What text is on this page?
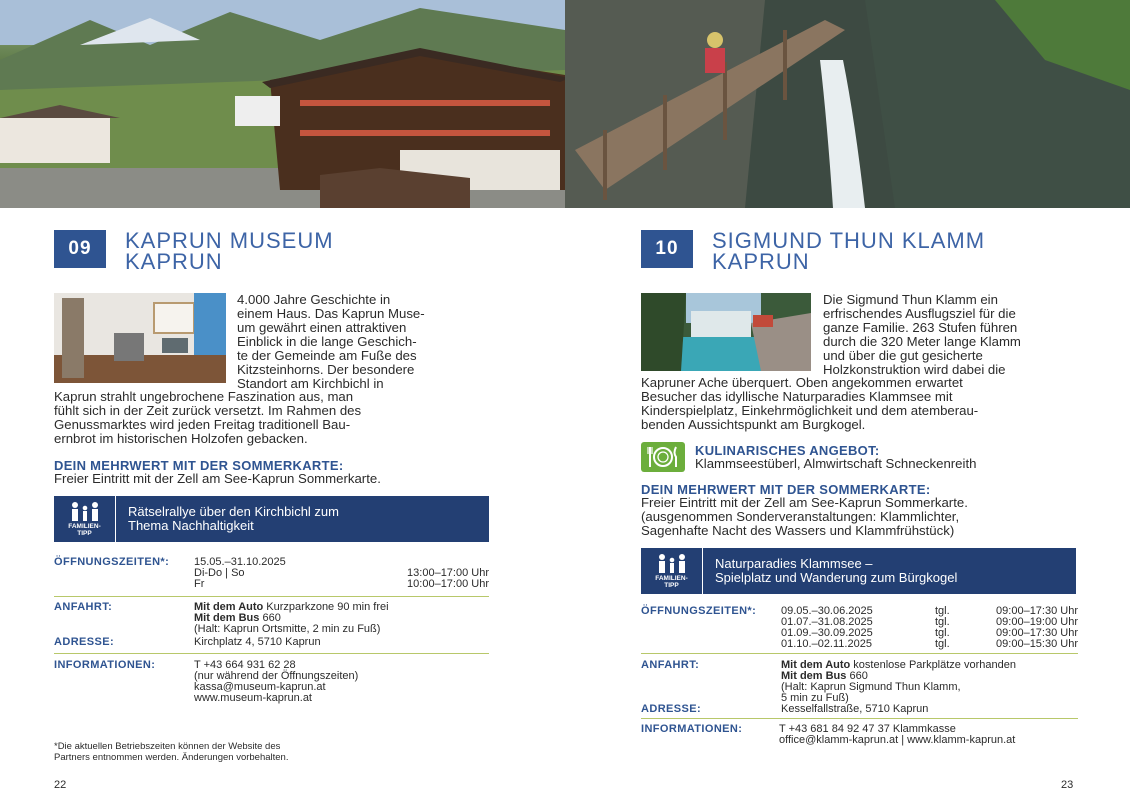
09	KAPRUN MUSEUM
KAPRUN
4.000 Jahre Geschichte in
einem Haus. Das Kaprun Muse-
um gewährt einen attraktiven
Einblick in die lange Geschich-
te der Gemeinde am Fuße des
Kitzsteinhorns. Der besondere
Standort am Kirchbichl in
Kaprun strahlt ungebrochene Faszination aus, man
fühlt sich in der Zeit zurück versetzt. Im Rahmen des
Genussmarktes wird jeden Freitag traditionell Bau-
ernbrot im historischen Holzofen gebacken.
DEIN MEHRWERT MIT DER SOMMERKARTE:
Freier Eintritt mit der Zell am See-Kaprun Sommerkarte.
FAMILIEN-
TIPP
Rätselrallye über den Kirchbichl zum
Thema Nachhaltigkeit
ÖFFNUNGSZEITEN*: 15.05.–31.10.2025
Di-Do | So	13:00–17:00 Uhr
Fr	10:00–17:00 Uhr
ANFAHRT:	Mit dem Auto Kurzparkzone 90 min frei
Mit dem Bus 660
(Halt: Kaprun Ortsmitte, 2 min zu Fuß)
ADRESSE:	Kirchplatz 4, 5710 Kaprun
INFORMATIONEN:	T +43 664 931 62 28
(nur während der Öffnungszeiten)
kassa@museum-kaprun.at
www.museum-kaprun.at
*Die aktuellen Betriebszeiten können der Website des
Partners entnommen werden. Änderungen vorbehalten.
22
10	SIGMUND THUN KLAMM
KAPRUN
Die Sigmund Thun Klamm ein
erfrischendes Ausflugsziel für die
ganze Familie. 263 Stufen führen
durch die 320 Meter lange Klamm
und über die gut gesicherte
Holzkonstruktion wird dabei die
Kapruner Ache überquert. Oben angekommen erwartet
Besucher das idyllische Naturparadies Klammsee mit
Kinderspielplatz, Einkehrmöglichkeit und dem atemberau-
benden Aussichtspunkt am Burgkogel.
KULINARISCHES ANGEBOT:
Klammseestüberl, Almwirtschaft Schneckenreith
DEIN MEHRWERT MIT DER SOMMERKARTE:
Freier Eintritt mit der Zell am See-Kaprun Sommerkarte.
(ausgenommen Sonderveranstaltungen: Klammlichter,
Sagenhafte Nacht des Wassers und Klammfrühstück)
FAMILIEN-
TIPP
Naturparadies Klammsee –
Spielplatz und Wanderung zum Bürgkogel
ÖFFNUNGSZEITEN*: 09.05.–30.06.2025	tgl.	09:00–17:30 Uhr
01.07.–31.08.2025	tgl.	09:00–19:00 Uhr
01.09.–30.09.2025	tgl.	09:00–17:30 Uhr
01.10.–02.11.2025	tgl.	09:00–15:30 Uhr
ANFAHRT:	Mit dem Auto kostenlose Parkplätze vorhanden
Mit dem Bus 660
(Halt: Kaprun Sigmund Thun Klamm,
5 min zu Fuß)
ADRESSE:	Kesselfallstraße, 5710 Kaprun
INFORMATIONEN:	T +43 681 84 92 47 37 Klammkasse
office@klamm-kaprun.at | www.klamm-kaprun.at
23
